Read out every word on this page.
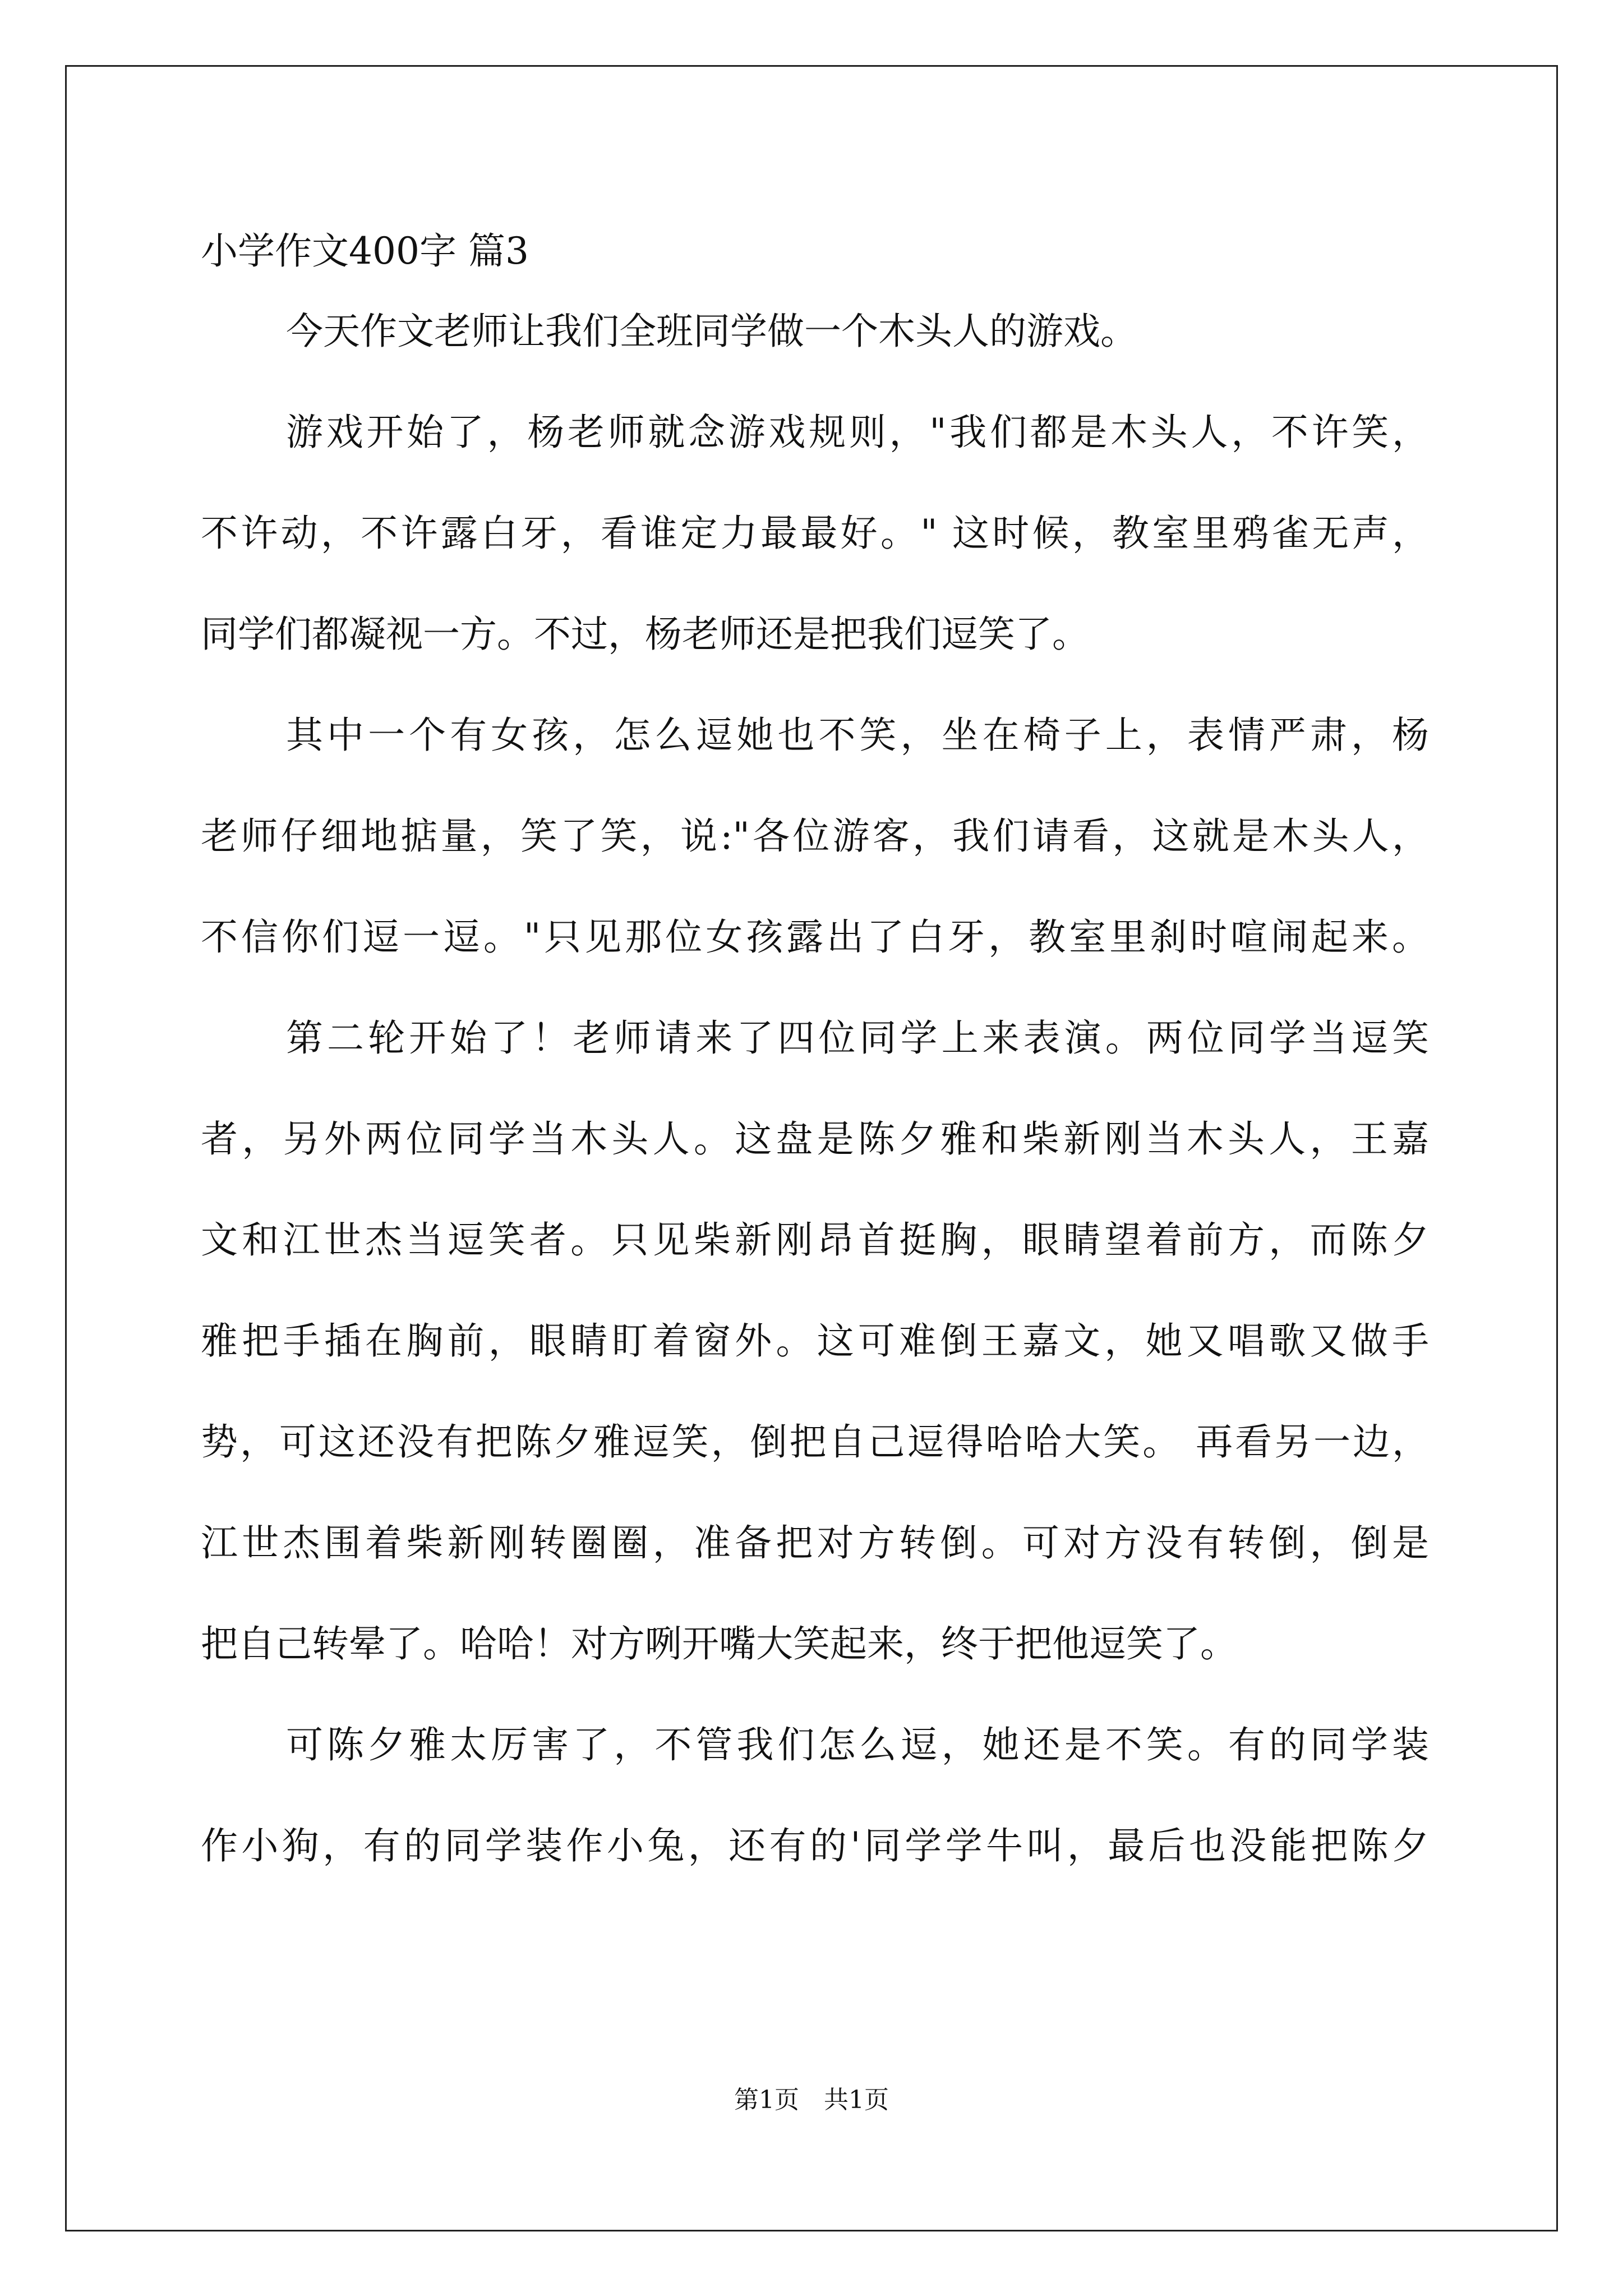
小学作文400字 篇3
今天作文老师让我们全班同学做一个木头人的游戏。
游戏开始了，杨老师就念游戏规则，"我们都是木头人，不许笑，
不许动，不许露白牙，看谁定力最最好。" 这时候，教室里鸦雀无声，
同学们都凝视一方。不过，杨老师还是把我们逗笑了。
其中一个有女孩，怎么逗她也不笑，坐在椅子上，表情严肃，杨
老师仔细地掂量，笑了笑，说:"各位游客，我们请看，这就是木头人，
不信你们逗一逗。"只见那位女孩露出了白牙，教室里刹时喧闹起来。
第二轮开始了！老师请来了四位同学上来表演。两位同学当逗笑
者，另外两位同学当木头人。这盘是陈夕雅和柴新刚当木头人，王嘉
文和江世杰当逗笑者。只见柴新刚昂首挺胸，眼睛望着前方，而陈夕
雅把手插在胸前，眼睛盯着窗外。这可难倒王嘉文，她又唱歌又做手
势，可这还没有把陈夕雅逗笑，倒把自己逗得哈哈大笑。 再看另一边，
江世杰围着柴新刚转圈圈，准备把对方转倒。可对方没有转倒，倒是
把自己转晕了。哈哈！对方咧开嘴大笑起来，终于把他逗笑了。
可陈夕雅太厉害了，不管我们怎么逗，她还是不笑。有的同学装
作小狗，有的同学装作小兔，还有的'同学学牛叫，最后也没能把陈夕
第1页　共1页
